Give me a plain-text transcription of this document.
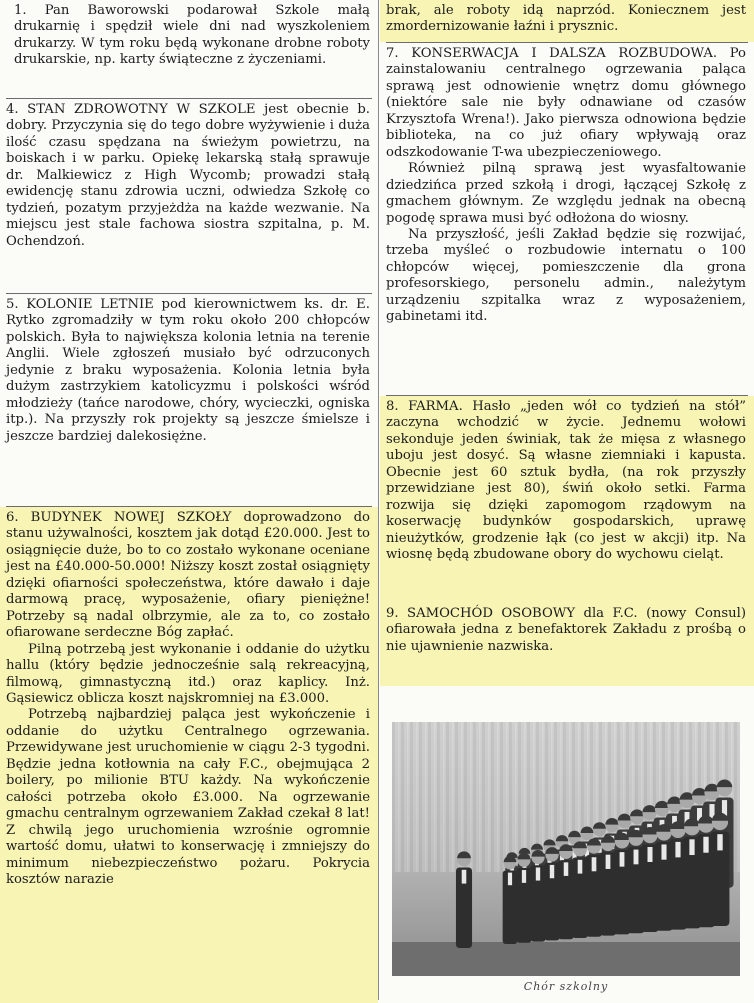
1. Pan Baworowski podarował Szkole małą drukarnię i spędził wiele dni nad wyszkoleniem drukarzy. W tym roku będą wykonane drobne roboty drukarskie, np. karty świąteczne z życzeniami.

4. STAN ZDROWOTNY W SZKOLE jest obecnie b. dobry. Przyczynia się do tego dobre wyżywienie i duża ilość czasu spędzana na świeżym powietrzu, na boiskach i w parku. Opiekę lekarską stałą sprawuje dr. Malkiewicz z High Wycomb; prowadzi stałą ewidencję stanu zdrowia uczni, odwiedza Szkołę co tydzień, pozatym przyjeżdża na każde wezwanie. Na miejscu jest stale fachowa siostra szpitalna, p. M. Ochendzoń.

5. KOLONIE LETNIE pod kierownictwem ks. dr. E. Rytko zgromadziły w tym roku około 200 chłopców polskich. Była to największa kolonia letnia na terenie Anglii. Wiele zgłoszeń musiało być odrzuconych jedynie z braku wyposażenia. Kolonia letnia była dużym zastrzykiem katolicyzmu i polskości wśród młodzieży (tańce narodowe, chóry, wycieczki, ogniska itp.). Na przyszły rok projekty są jeszcze śmielsze i jeszcze bardziej dalekosiężne.

6. BUDYNEK NOWEJ SZKOŁY doprowadzono do stanu używalności, kosztem jak dotąd £20.000. Jest to osiągnięcie duże, bo to co zostało wykonane oceniane jest na £40.000-50.000! Niższy koszt został osiągnięty dzięki ofiarności społeczeństwa, które dawało i daje darmową pracę, wyposażenie, ofiary pieniężne! Potrzeby są nadal olbrzymie, ale za to, co zostało ofiarowane serdeczne Bóg zapłać.

Pilną potrzebą jest wykonanie i oddanie do użytku hallu (który będzie jednocześnie salą rekreacyjną, filmową, gimnastyczną itd.) oraz kaplicy. Inż. Gąsiewicz oblicza koszt najskromniej na £3.000.

Potrzebą najbardziej paląca jest wykończenie i oddanie do użytku Centralnego ogrzewania. Przewidywane jest uruchomienie w ciągu 2-3 tygodni. Będzie jedna kotłownia na cały F.C., obejmująca 2 boilery, po milionie BTU każdy. Na wykończenie całości potrzeba około £3.000. Na ogrzewanie gmachu centralnym ogrzewaniem Zakład czekał 8 lat! Z chwilą jego uruchomienia wzrośnie ogromnie wartość domu, ułatwi to konserwację i zmniejszy do minimum niebezpieczeństwo pożaru. Pokrycia kosztów narazie

brak, ale roboty idą naprzód. Koniecznem jest zmordernizowanie łaźni i prysznic.

7. KONSERWACJA I DALSZA ROZBUDOWA. Po zainstalowaniu centralnego ogrzewania paląca sprawą jest odnowienie wnętrz domu głównego (niektóre sale nie były odnawiane od czasów Krzysztofa Wrena!). Jako pierwsza odnowiona będzie biblioteka, na co już ofiary wpływają oraz odszkodowanie T-wa ubezpieczeniowego.

Również pilną sprawą jest wyasfaltowanie dziedzińca przed szkołą i drogi, łączącej Szkołę z gmachem głównym. Ze względu jednak na obecną pogodę sprawa musi być odłożona do wiosny.

Na przyszłość, jeśli Zakład będzie się rozwijać, trzeba myśleć o rozbudowie internatu o 100 chłopców więcej, pomieszczenie dla grona profesorskiego, personelu admin., należytym urządzeniu szpitalka wraz z wyposażeniem, gabinetami itd.

8. FARMA. Hasło „jeden wół co tydzień na stół” zaczyna wchodzić w życie. Jednemu wołowi sekonduje jeden świniak, tak że mięsa z własnego uboju jest dosyć. Są własne ziemniaki i kapusta. Obecnie jest 60 sztuk bydła, (na rok przyszły przewidziane jest 80), świń około setki. Farma rozwija się dzięki zapomogom rządowym na koserwację budynków gospodarskich, uprawę nieużytków, grodzenie łąk (co jest w akcji) itp. Na wiosnę będą zbudowane obory do wychowu cieląt.

9. SAMOCHÓD OSOBOWY dla F.C. (nowy Consul) ofiarowała jedna z benefaktorek Zakładu z prośbą o nie ujawnienie nazwiska.

Chór szkolny
